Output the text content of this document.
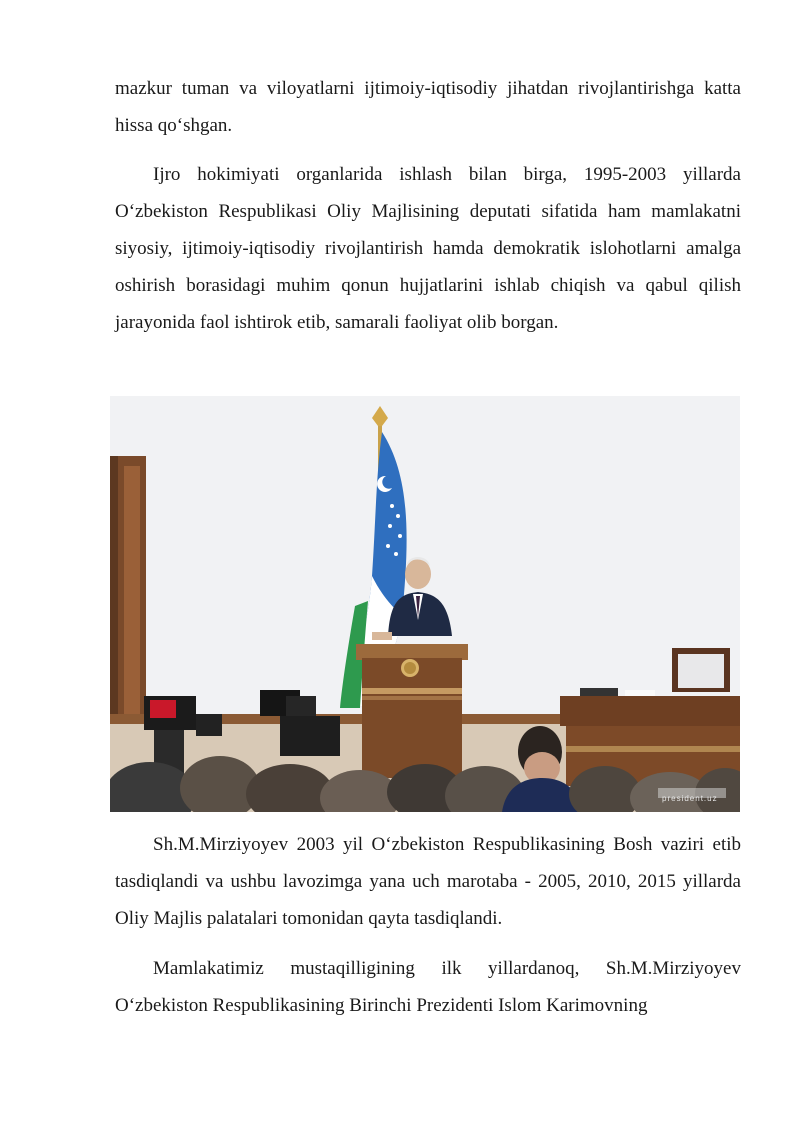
mazkur tuman va viloyatlarni ijtimoiy-iqtisodiy jihatdan rivojlantirishga katta hissa qo‘shgan.

Ijro hokimiyati organlarida ishlash bilan birga, 1995-2003 yillarda O‘zbekiston Respublikasi Oliy Majlisining deputati sifatida ham mamlakatni siyosiy, ijtimoiy-iqtisodiy rivojlantirish hamda demokratik islohotlarni amalga oshirish borasidagi muhim qonun hujjatlarini ishlab chiqish va qabul qilish jarayonida faol ishtirok etib, samarali faoliyat olib borgan.

president.uz

Sh.M.Mirziyoyev 2003 yil O‘zbekiston Respublikasining Bosh vaziri etib tasdiqlandi va ushbu lavozimga yana uch marotaba - 2005, 2010, 2015 yillarda Oliy Majlis palatalari tomonidan qayta tasdiqlandi.

Mamlakatimiz mustaqilligining ilk yillardanoq, Sh.M.Mirziyoyev O‘zbekiston Respublikasining Birinchi Prezidenti Islom Karimovning
